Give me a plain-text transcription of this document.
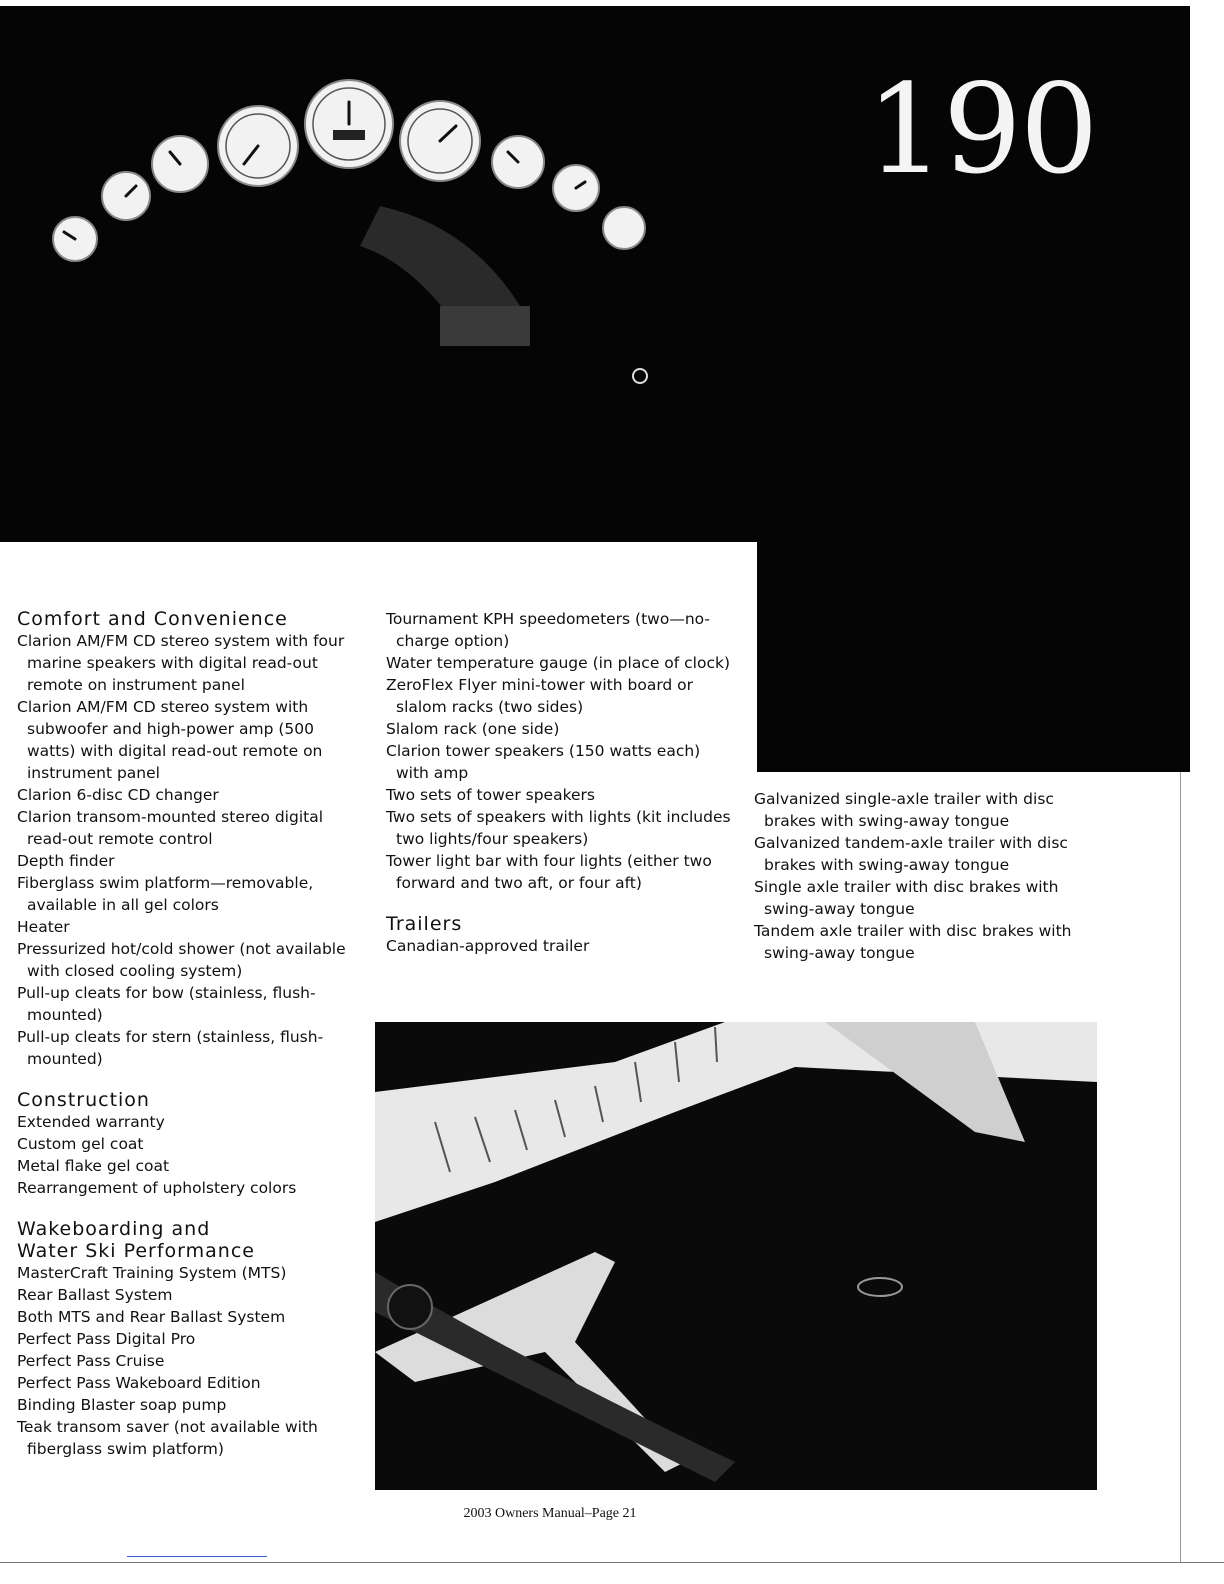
190
Comfort and Convenience
Clarion AM/FM CD stereo system with four marine speakers with digital read-out remote on instrument panel
Clarion AM/FM CD stereo system with subwoofer and high-power amp (500 watts) with digital read-out remote on instrument panel
Clarion 6-disc CD changer
Clarion transom-mounted stereo digital read-out remote control
Depth finder
Fiberglass swim platform—removable, available in all gel colors
Heater
Pressurized hot/cold shower (not available with closed cooling system)
Pull-up cleats for bow (stainless, flush-mounted)
Pull-up cleats for stern (stainless, flush-mounted)
Construction
Extended warranty
Custom gel coat
Metal flake gel coat
Rearrangement of upholstery colors
Wakeboarding and
Water Ski Performance
MasterCraft Training System (MTS)
Rear Ballast System
Both MTS and Rear Ballast System
Perfect Pass Digital Pro
Perfect Pass Cruise
Perfect Pass Wakeboard Edition
Binding Blaster soap pump
Teak transom saver (not available with fiberglass swim platform)
Tournament KPH speedometers (two—no-charge option)
Water temperature gauge (in place of clock)
ZeroFlex Flyer mini-tower with board or slalom racks (two sides)
Slalom rack (one side)
Clarion tower speakers (150 watts each) with amp
Two sets of tower speakers
Two sets of speakers with lights (kit includes two lights/four speakers)
Tower light bar with four lights (either two forward and two aft, or four aft)
Trailers
Canadian-approved trailer
Galvanized single-axle trailer with disc brakes with swing-away tongue
Galvanized tandem-axle trailer with disc brakes with swing-away tongue
Single axle trailer with disc brakes with swing-away tongue
Tandem axle trailer with disc brakes with swing-away tongue
2003 Owners Manual–Page 21
